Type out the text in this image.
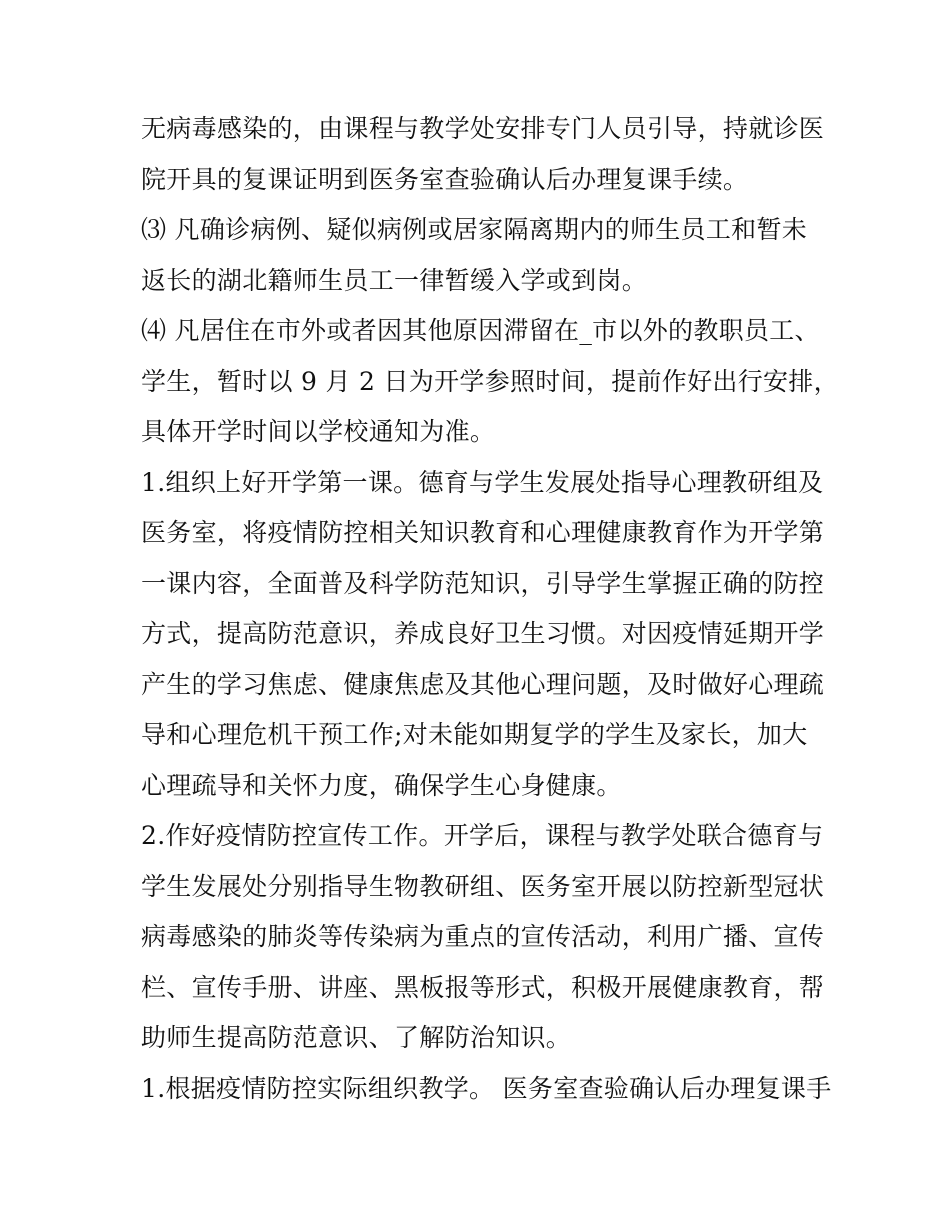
无病毒感染的，由课程与教学处安排专门人员引导，持就诊医
院开具的复课证明到医务室查验确认后办理复课手续。
⑶ 凡确诊病例、疑似病例或居家隔离期内的师生员工和暂未
返长的湖北籍师生员工一律暂缓入学或到岗。
⑷ 凡居住在市外或者因其他原因滞留在_市以外的教职员工、
学生，暂时以 9 月 2 日为开学参照时间，提前作好出行安排，
具体开学时间以学校通知为准。
1.组织上好开学第一课。德育与学生发展处指导心理教研组及
医务室，将疫情防控相关知识教育和心理健康教育作为开学第
一课内容，全面普及科学防范知识，引导学生掌握正确的防控
方式，提高防范意识，养成良好卫生习惯。对因疫情延期开学
产生的学习焦虑、健康焦虑及其他心理问题，及时做好心理疏
导和心理危机干预工作;对未能如期复学的学生及家长，加大
心理疏导和关怀力度，确保学生心身健康。
2.作好疫情防控宣传工作。开学后，课程与教学处联合德育与
学生发展处分别指导生物教研组、医务室开展以防控新型冠状
病毒感染的肺炎等传染病为重点的宣传活动，利用广播、宣传
栏、宣传手册、讲座、黑板报等形式，积极开展健康教育，帮
助师生提高防范意识、了解防治知识。
1.根据疫情防控实际组织教学。 医务室查验确认后办理复课手
